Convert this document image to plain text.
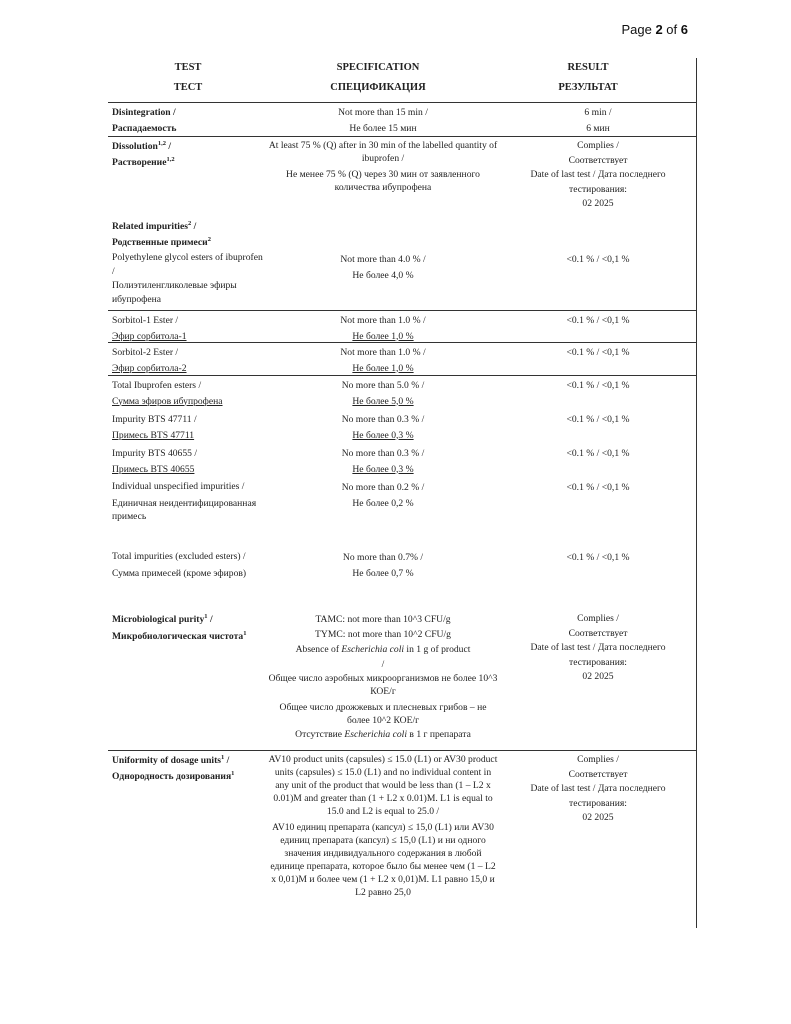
Page 2 of 6
TEST
ТЕСТ
SPECIFICATION
СПЕЦИФИКАЦИЯ
RESULT
РЕЗУЛЬТАТ
Disintegration /
Распадаемость
Not more than 15 min /
Не более 15 мин
6 min /
6 мин
Dissolution$^{1,2}$ /
Растворение$^{1,2}$
At least 75 % (Q) after in 30 min of the labelled quantity of ibuprofen /
Не менее 75 % (Q) через 30 мин от заявленного количества ибупрофена
Complies /
Соответствует
Date of last test / Дата последнего тестирования:
02 2025
Related impurities$^2$ /
Родственные примеси$^2$
Polyethylene glycol esters of ibuprofen /
Полиэтиленгликолевые эфиры ибупрофена
Not more than 4.0 % /
Не более 4,0 %
<0.1 % / <0,1 %
Sorbitol-1 Ester /
Эфир сорбитола-1
Not more than 1.0 % /
Не более 1,0 %
<0.1 % / <0,1 %
Sorbitol-2 Ester /
Эфир сорбитола-2
Not more than 1.0 % /
Не более 1,0 %
<0.1 % / <0,1 %
Total Ibuprofen esters /
Сумма эфиров ибупрофена
No more than 5.0 % /
Не более 5,0 %
<0.1 % / <0,1 %
Impurity BTS 47711 /
Примесь BTS 47711
No more than 0.3 % /
Не более 0,3 %
<0.1 % / <0,1 %
Impurity BTS 40655 /
Примесь BTS 40655
No more than 0.3 % /
Не более 0,3 %
<0.1 % / <0,1 %
Individual unspecified impurities /
Единичная неидентифицированная примесь
No more than 0.2 % /
Не более 0,2 %
<0.1 % / <0,1 %
Total impurities (excluded esters) /
Сумма примесей (кроме эфиров)
No more than 0.7% /
Не более 0,7 %
<0.1 % / <0,1 %
Microbiological purity$^1$ /
Микробиологическая чистота$^1$
TAMC: not more than 10^3 CFU/g
TYMC: not more than 10^2 CFU/g
Absence of Escherichia coli in 1 g of product
/
Общее число аэробных микроорганизмов не более 10^3 КОЕ/г
Общее число дрожжевых и плесневых грибов – не более 10^2 КОЕ/г
Отсутствие Escherichia coli в 1 г препарата
Complies /
Соответствует
Date of last test / Дата последнего тестирования:
02 2025
Uniformity of dosage units$^1$ /
Однородность дозирования$^1$
AV10 product units (capsules) ≤ 15.0 (L1) or AV30 product units (capsules) ≤ 15.0 (L1) and no individual content in any unit of the product that would be less than (1 – L2 x 0.01)M and greater than (1 + L2 x 0.01)M. L1 is equal to 15.0 and L2 is equal to 25.0 /
AV10 единиц препарата (капсул) ≤ 15,0 (L1) или AV30 единиц препарата (капсул) ≤ 15,0 (L1) и ни одного значения индивидуального содержания в любой единице препарата, которое было бы менее чем (1 – L2 x 0,01)M и более чем (1 + L2 x 0,01)M. L1 равно 15,0 и L2 равно 25,0
Complies /
Соответствует
Date of last test / Дата последнего тестирования:
02 2025
